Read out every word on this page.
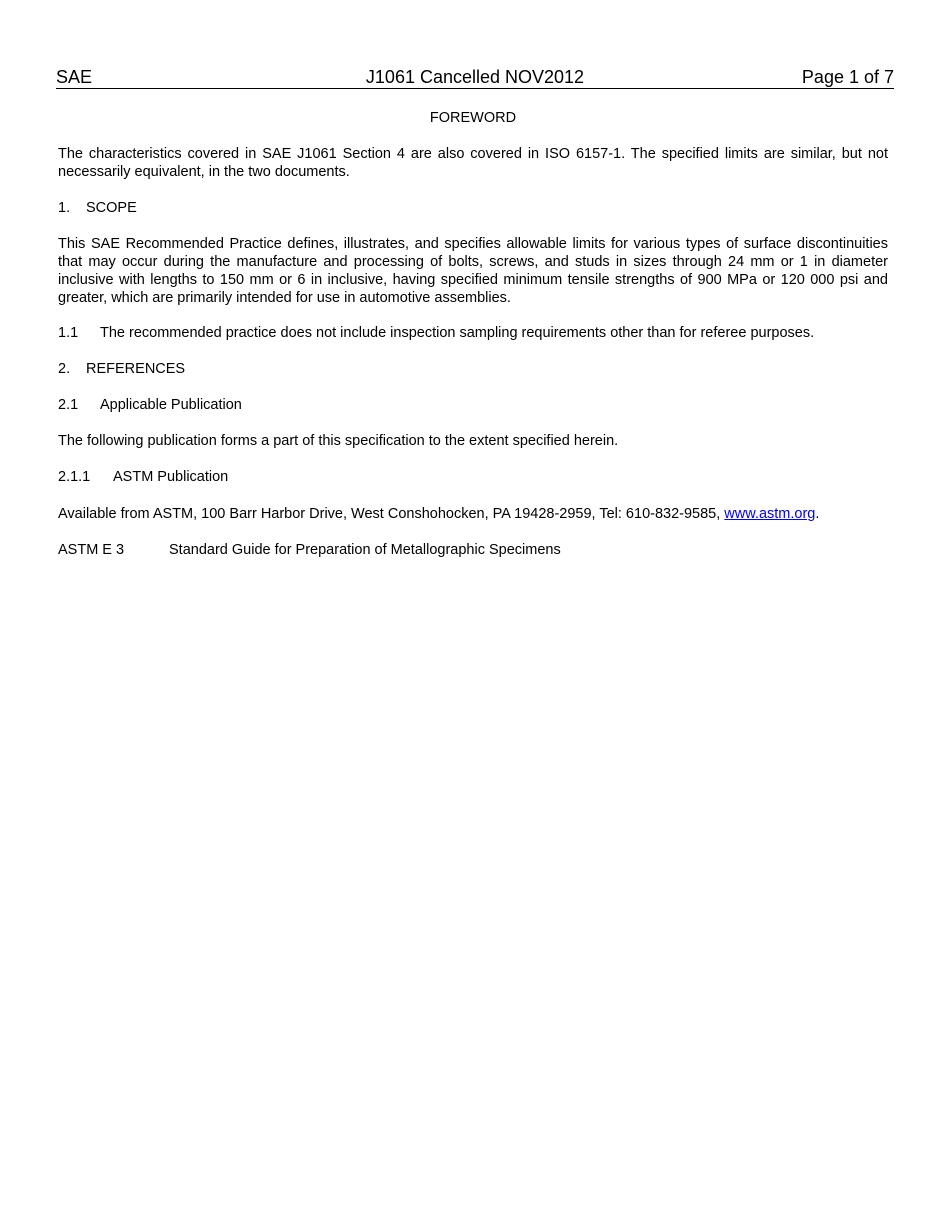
SAE	J1061 Cancelled NOV2012	Page 1 of 7
FOREWORD
The characteristics covered in SAE J1061 Section 4 are also covered in ISO 6157-1. The specified limits are similar, but not necessarily equivalent, in the two documents.
1. SCOPE
This SAE Recommended Practice defines, illustrates, and specifies allowable limits for various types of surface discontinuities that may occur during the manufacture and processing of bolts, screws, and studs in sizes through 24 mm or 1 in diameter inclusive with lengths to 150 mm or 6 in inclusive, having specified minimum tensile strengths of 900 MPa or 120 000 psi and greater, which are primarily intended for use in automotive assemblies.
1.1 The recommended practice does not include inspection sampling requirements other than for referee purposes.
2. REFERENCES
2.1 Applicable Publication
The following publication forms a part of this specification to the extent specified herein.
2.1.1 ASTM Publication
Available from ASTM, 100 Barr Harbor Drive, West Conshohocken, PA 19428-2959, Tel: 610-832-9585, www.astm.org.
ASTM E 3	Standard Guide for Preparation of Metallographic Specimens
